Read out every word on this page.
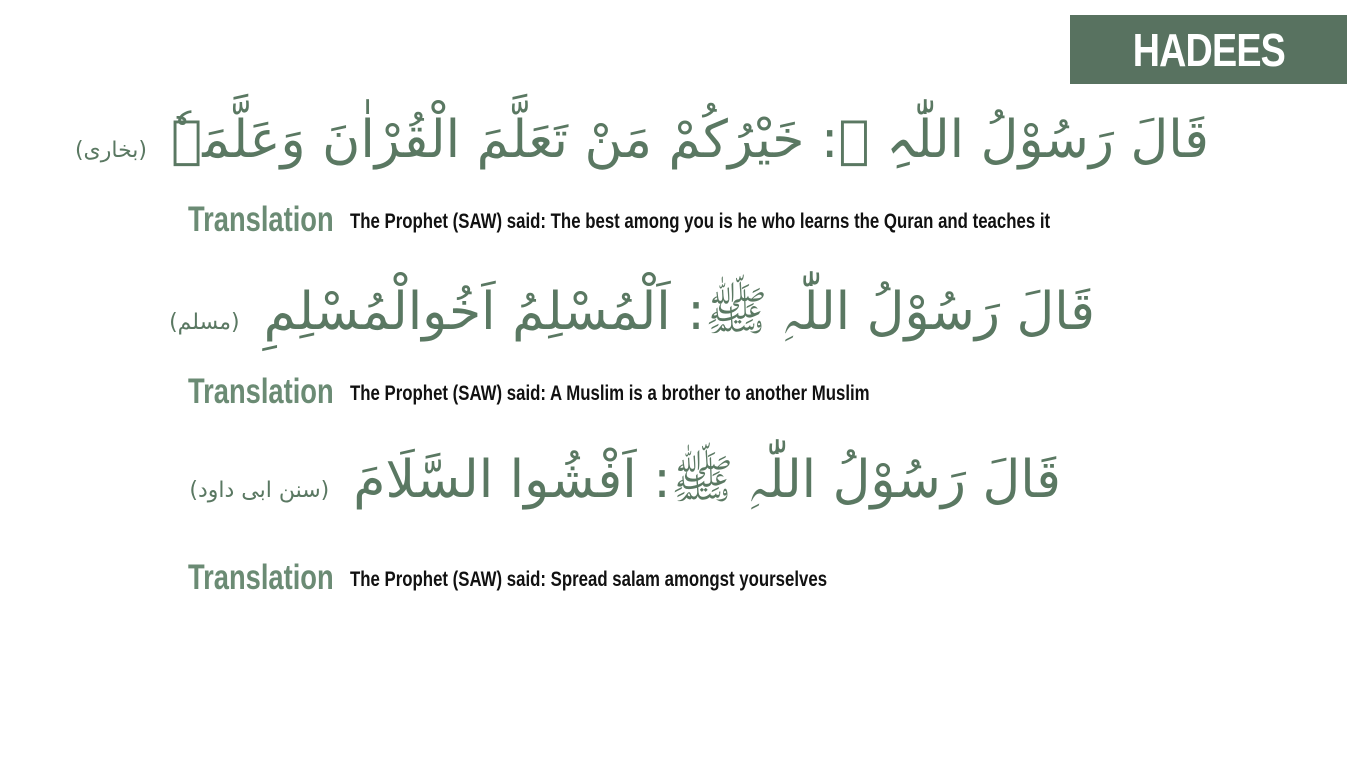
HADEES
قَالَ رَسُوْلُ اللّٰہِ ﷺ: خَيْرُكُمْ مَنْ تَعَلَّمَ الْقُرْاٰنَ وَعَلَّمَہٗ
(بخاری)
Translation The Prophet (SAW) said: The best among you is he who learns the Quran and teaches it
قَالَ رَسُوْلُ اللّٰہِ ﷺ: اَلْمُسْلِمُ اَخُوالْمُسْلِمِ
(مسلم)
Translation The Prophet (SAW) said: A Muslim is a brother to another Muslim
قَالَ رَسُوْلُ اللّٰہِ ﷺ: اَفْشُوا السَّلَامَ
(سنن ابی داود)
Translation The Prophet (SAW) said: Spread salam amongst yourselves
